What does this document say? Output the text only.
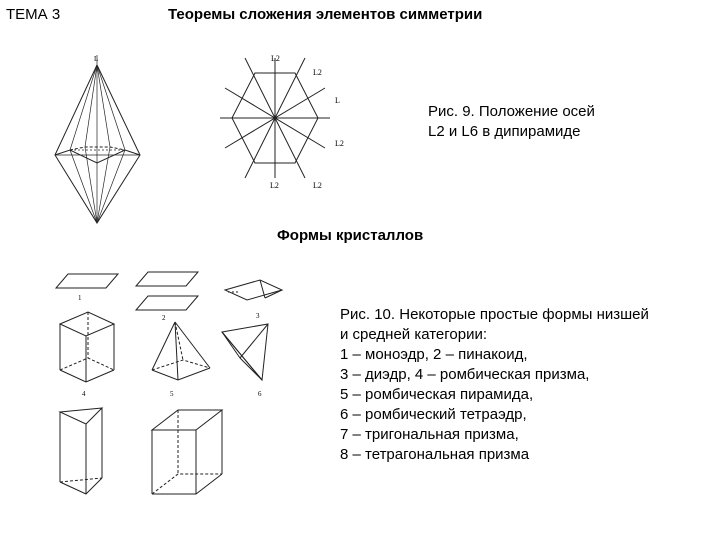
ТЕМА 3	Теоремы сложения элементов симметрии
L	L2
L2
L
L2
L2	L2
Рис. 9. Положение осей
L2 и L6 в дипирамиде
Формы кристаллов
1
2	3
4	5	6
Рис. 10. Некоторые простые формы низшей
и средней категории:
1 – моноэдр, 2 – пинакоид,
3 – диэдр, 4 – ромбическая призма,
5 – ромбическая пирамида,
6 – ромбический тетраэдр,
7 – тригональная призма,
8 – тетрагональная призма
